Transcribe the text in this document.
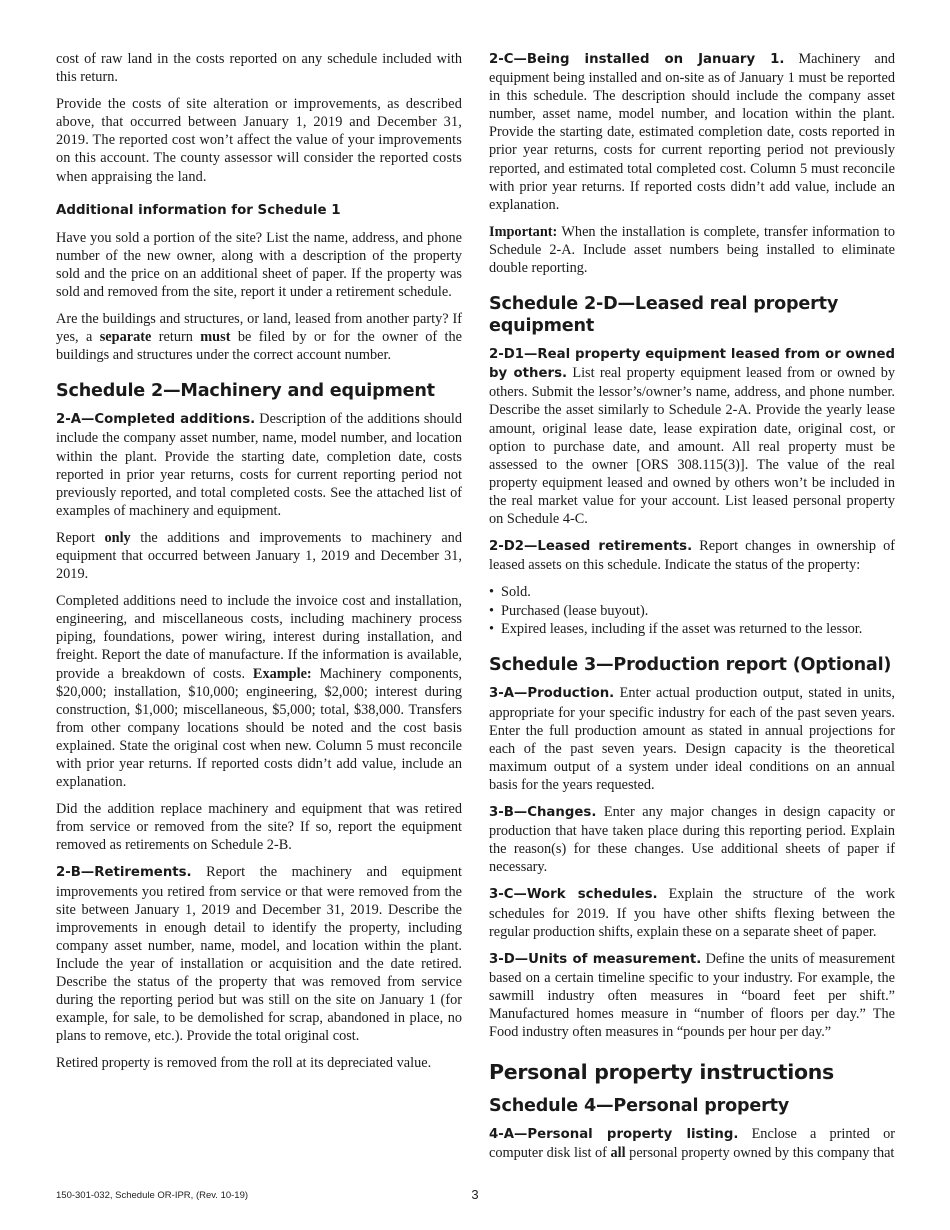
cost of raw land in the costs reported on any schedule included with this return.

Provide the costs of site alteration or improvements, as described above, that occurred between January 1, 2019 and December 31, 2019. The reported cost won’t affect the value of your improvements on this account. The county assessor will consider the reported costs when appraising the land.

Additional information for Schedule 1

Have you sold a portion of the site? List the name, address, and phone number of the new owner, along with a description of the property sold and the price on an additional sheet of paper. If the property was sold and removed from the site, report it under a retirement schedule.

Are the buildings and structures, or land, leased from another party? If yes, a separate return must be filed by or for the owner of the buildings and structures under the correct account number.

Schedule 2—Machinery and equipment

2-A—Completed additions. Description of the additions should include the company asset number, name, model number, and location within the plant. Provide the starting date, completion date, costs reported in prior year returns, costs for current reporting period not previously reported, and total completed costs. See the attached list of examples of machinery and equipment.

Report only the additions and improvements to machinery and equipment that occurred between January 1, 2019 and December 31, 2019.

Completed additions need to include the invoice cost and installation, engineering, and miscellaneous costs, including machinery process piping, foundations, power wiring, interest during installation, and freight. Report the date of manufacture. If the information is available, provide a breakdown of costs. Example: Machinery components, $20,000; installation, $10,000; engineering, $2,000; interest during construction, $1,000; miscellaneous, $5,000; total, $38,000. Transfers from other company locations should be noted and the cost basis explained. State the original cost when new. Column 5 must reconcile with prior year returns. If reported costs didn’t add value, include an explanation.

Did the addition replace machinery and equipment that was retired from service or removed from the site? If so, report the equipment removed as retirements on Schedule 2-B.

2-B—Retirements. Report the machinery and equipment improvements you retired from service or that were removed from the site between January 1, 2019 and December 31, 2019. Describe the improvements in enough detail to identify the property, including company asset number, name, model, and location within the plant. Include the year of installation or acquisition and the date retired. Describe the status of the property that was removed from service during the reporting period but was still on the site on January 1 (for example, for sale, to be demolished for scrap, abandoned in place, no plans to remove, etc.). Provide the total original cost.

Retired property is removed from the roll at its depreciated value.

2-C—Being installed on January 1. Machinery and equipment being installed and on-site as of January 1 must be reported in this schedule. The description should include the company asset number, asset name, model number, and location within the plant. Provide the starting date, estimated completion date, costs reported in prior year returns, costs for current reporting period not previously reported, and estimated total completed cost. Column 5 must reconcile with prior year returns. If reported costs didn’t add value, include an explanation.

Important: When the installation is complete, transfer information to Schedule 2-A. Include asset numbers being installed to eliminate double reporting.

Schedule 2-D—Leased real property equipment

2-D1—Real property equipment leased from or owned by others. List real property equipment leased from or owned by others. Submit the lessor’s/owner’s name, address, and phone number. Describe the asset similarly to Schedule 2-A. Provide the yearly lease amount, original lease date, lease expiration date, original cost, or option to purchase date, and amount. All real property must be assessed to the owner [ORS 308.115(3)]. The value of the real property equipment leased and owned by others won’t be included in the real market value for your account. List leased personal property on Schedule 4-C.

2-D2—Leased retirements. Report changes in ownership of leased assets on this schedule. Indicate the status of the property:

• Sold.
• Purchased (lease buyout).
• Expired leases, including if the asset was returned to the lessor.
Schedule 3—Production report (Optional)

3-A—Production. Enter actual production output, stated in units, appropriate for your specific industry for each of the past seven years. Enter the full production amount as stated in annual projections for each of the past seven years. Design capacity is the theoretical maximum output of a system under ideal conditions on an annual basis for the years requested.

3-B—Changes. Enter any major changes in design capacity or production that have taken place during this reporting period. Explain the reason(s) for these changes. Use additional sheets of paper if necessary.

3-C—Work schedules. Explain the structure of the work schedules for 2019. If you have other shifts flexing between the regular production shifts, explain these on a separate sheet of paper.

3-D—Units of measurement. Define the units of measurement based on a certain timeline specific to your industry. For example, the sawmill industry often measures in “board feet per shift.” Manufactured homes measure in “number of floors per day.” The Food industry often measures in “pounds per hour per day.”

Personal property instructions
Schedule 4—Personal property

4-A—Personal property listing. Enclose a printed or computer disk list of all personal property owned by this company that

150-301-032, Schedule OR-IPR, (Rev. 10-19)	3
